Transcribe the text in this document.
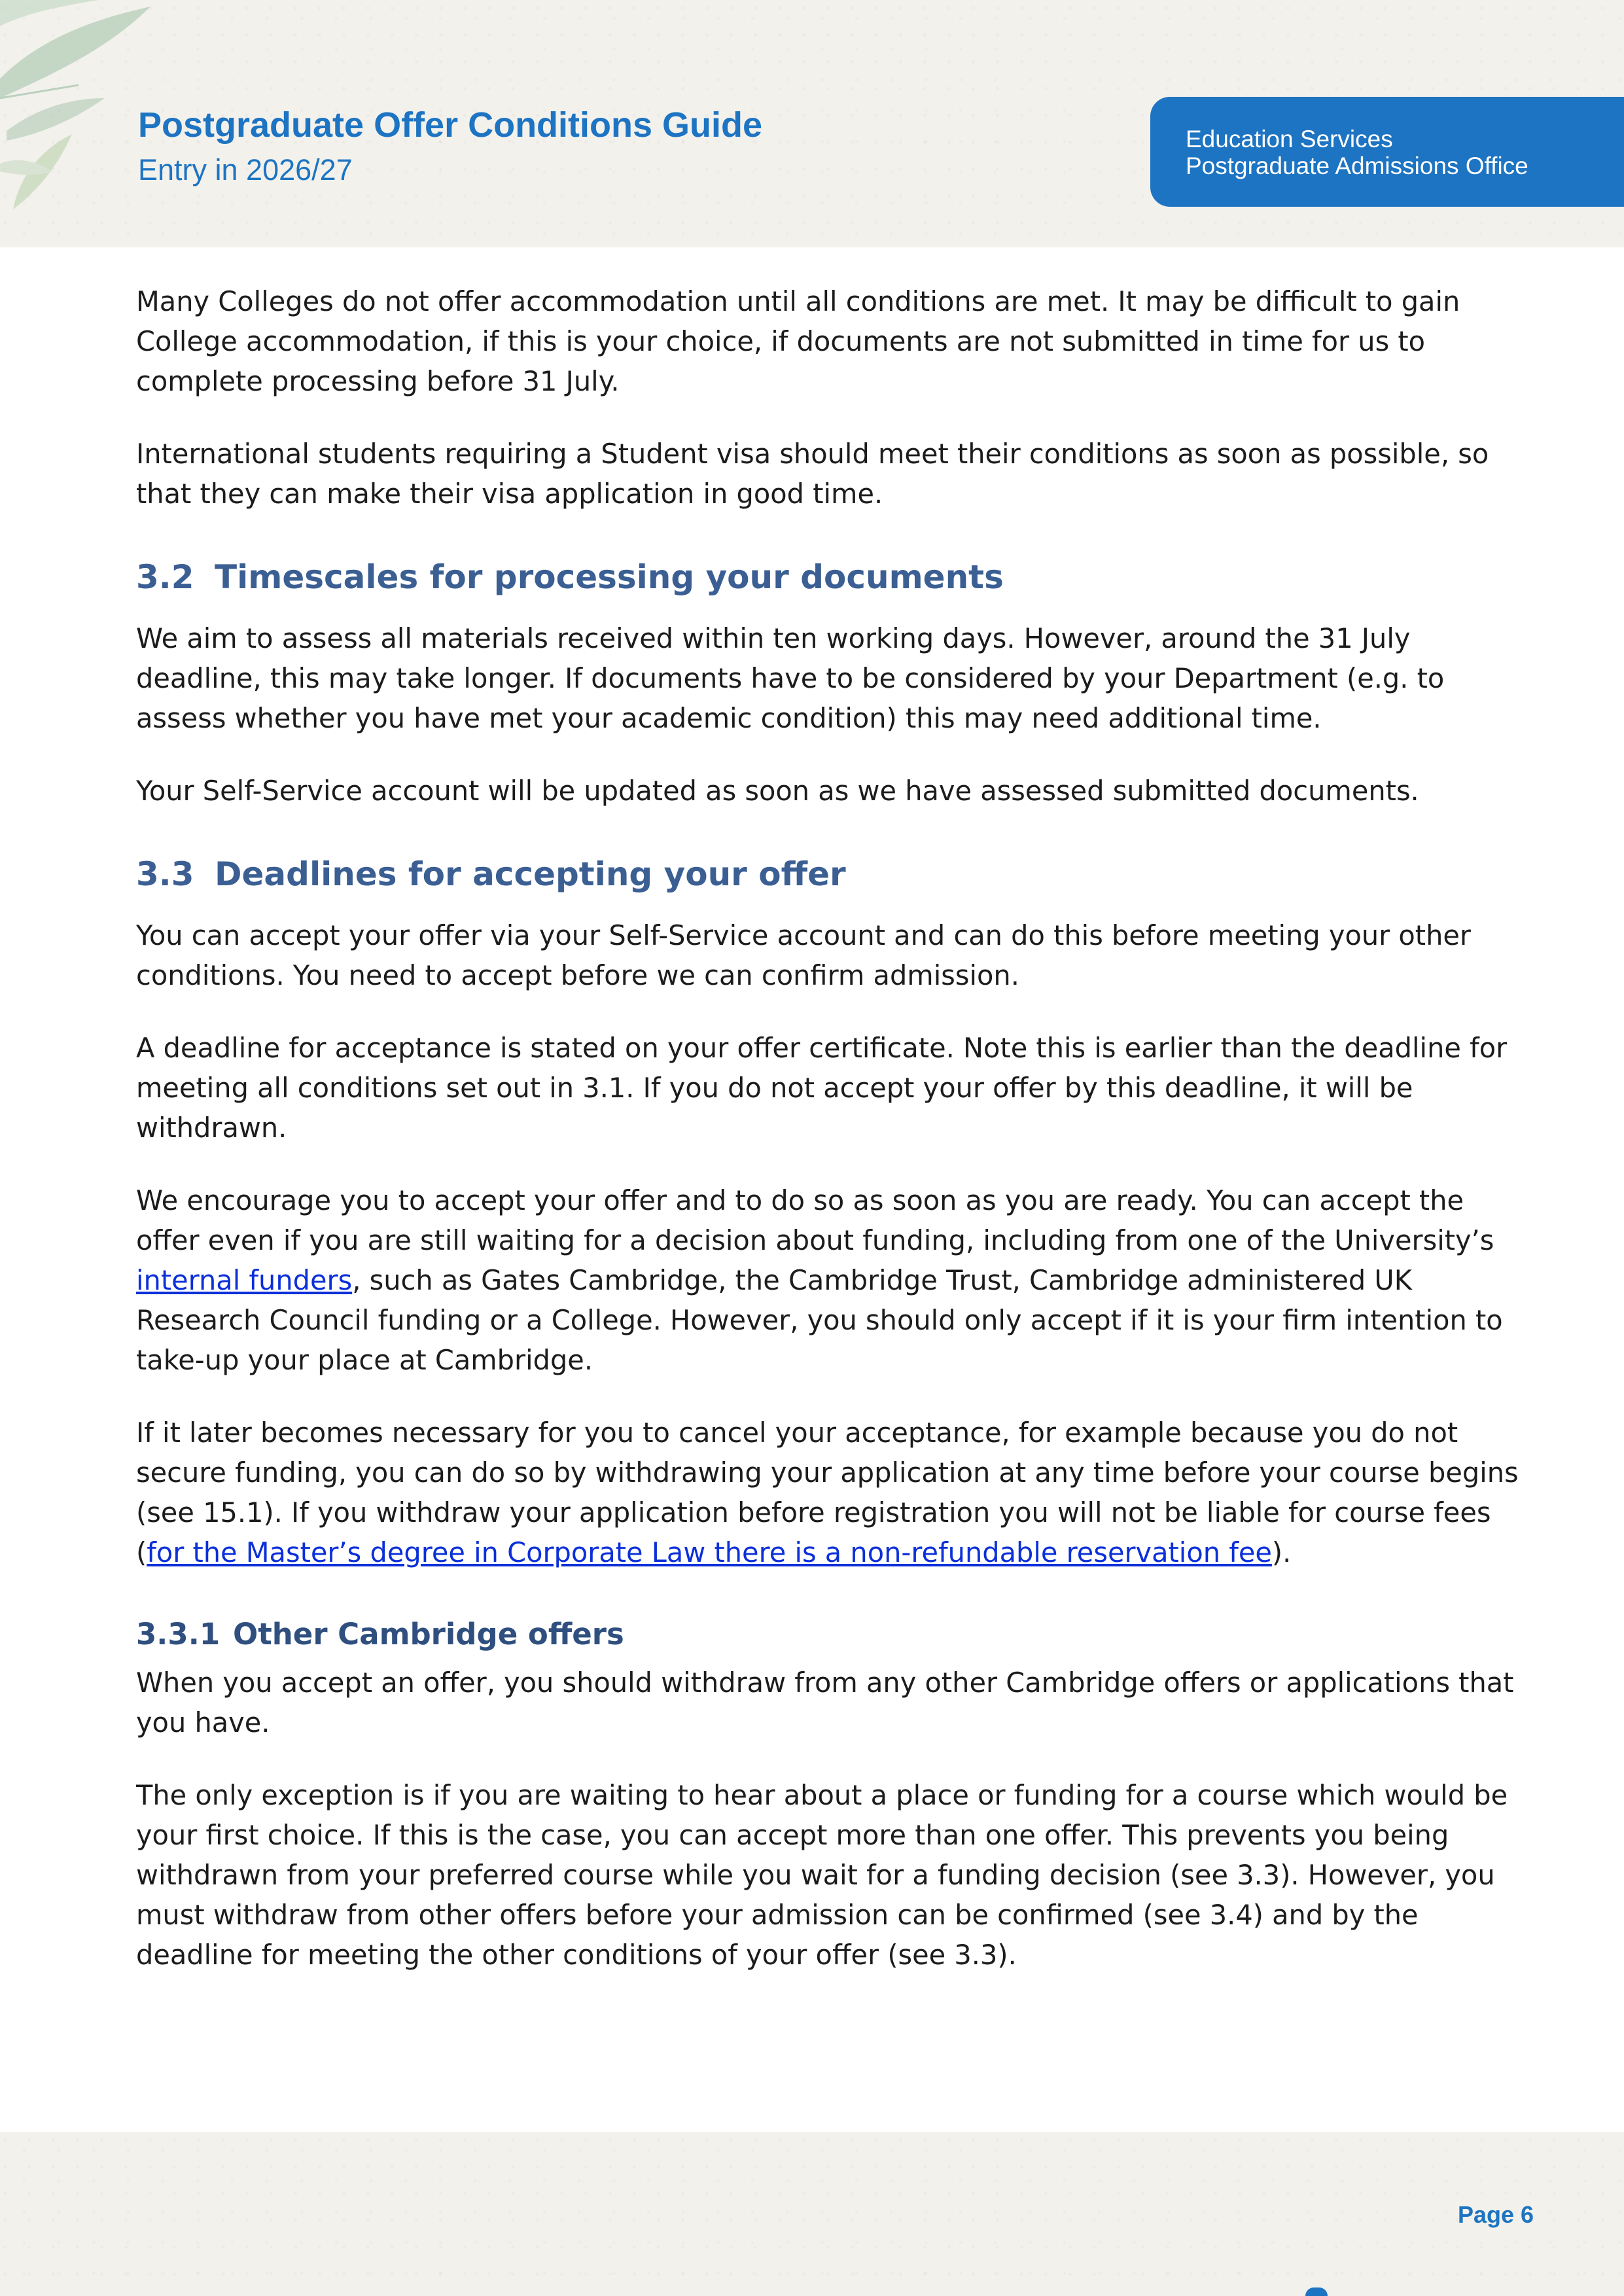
Postgraduate Offer Conditions Guide

Entry in 2026/27

Education Services
Postgraduate Admissions Office

Many Colleges do not offer accommodation until all conditions are met. It may be difficult to gain College accommodation, if this is your choice, if documents are not submitted in time for us to complete processing before 31 July.

International students requiring a Student visa should meet their conditions as soon as possible, so that they can make their visa application in good time.

3.2 Timescales for processing your documents

We aim to assess all materials received within ten working days. However, around the 31 July deadline, this may take longer. If documents have to be considered by your Department (e.g. to assess whether you have met your academic condition) this may need additional time.

Your Self-Service account will be updated as soon as we have assessed submitted documents.

3.3 Deadlines for accepting your offer

You can accept your offer via your Self-Service account and can do this before meeting your other conditions. You need to accept before we can confirm admission.

A deadline for acceptance is stated on your offer certificate. Note this is earlier than the deadline for meeting all conditions set out in 3.1. If you do not accept your offer by this deadline, it will be withdrawn.

We encourage you to accept your offer and to do so as soon as you are ready. You can accept the offer even if you are still waiting for a decision about funding, including from one of the University’s internal funders, such as Gates Cambridge, the Cambridge Trust, Cambridge administered UK Research Council funding or a College. However, you should only accept if it is your firm intention to take-up your place at Cambridge.

If it later becomes necessary for you to cancel your acceptance, for example because you do not secure funding, you can do so by withdrawing your application at any time before your course begins (see 15.1). If you withdraw your application before registration you will not be liable for course fees (for the Master’s degree in Corporate Law there is a non-refundable reservation fee).

3.3.1 Other Cambridge offers

When you accept an offer, you should withdraw from any other Cambridge offers or applications that you have.

The only exception is if you are waiting to hear about a place or funding for a course which would be your first choice. If this is the case, you can accept more than one offer. This prevents you being withdrawn from your preferred course while you wait for a funding decision (see 3.3). However, you must withdraw from other offers before your admission can be confirmed (see 3.4) and by the deadline for meeting the other conditions of your offer (see 3.3).

Page 6
